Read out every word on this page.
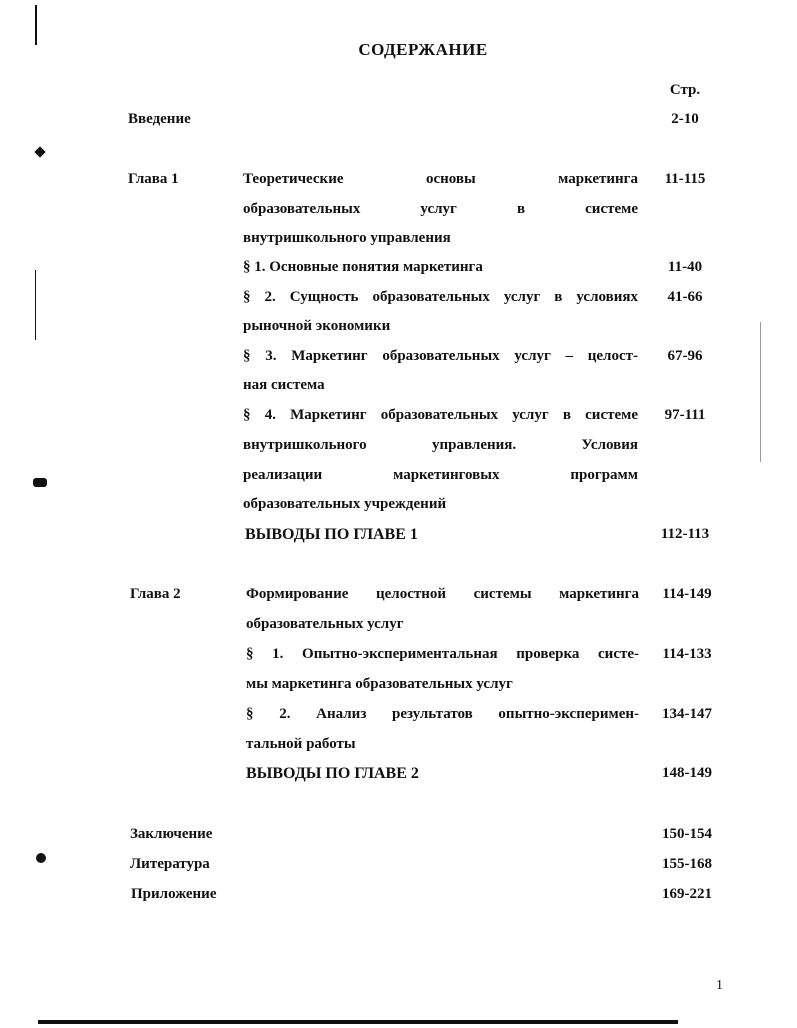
СОДЕРЖАНИЕ
Стр.
Введение	2-10
Глава 1	Теоретические основы маркетинга
образовательных услуг в системе
внутришкольного управления
11-115
§ 1. Основные понятия маркетинга	11-40
§ 2. Сущность образовательных услуг в условиях
рыночной экономики
41-66
§ 3. Маркетинг образовательных услуг – целост-
ная система
67-96
§ 4. Маркетинг образовательных услуг в системе
внутришкольного управления. Условия
реализации маркетинговых программ
образовательных учреждений
97-111
ВЫВОДЫ ПО ГЛАВЕ 1	112-113
Глава 2	Формирование целостной системы маркетинга
образовательных услуг
114-149
§ 1. Опытно-экспериментальная проверка систе-
мы маркетинга образовательных услуг
114-133
§ 2. Анализ результатов опытно-эксперимен-
тальной работы
134-147
ВЫВОДЫ ПО ГЛАВЕ 2	148-149
Заключение	150-154
Литература	155-168
Приложение	169-221
1
